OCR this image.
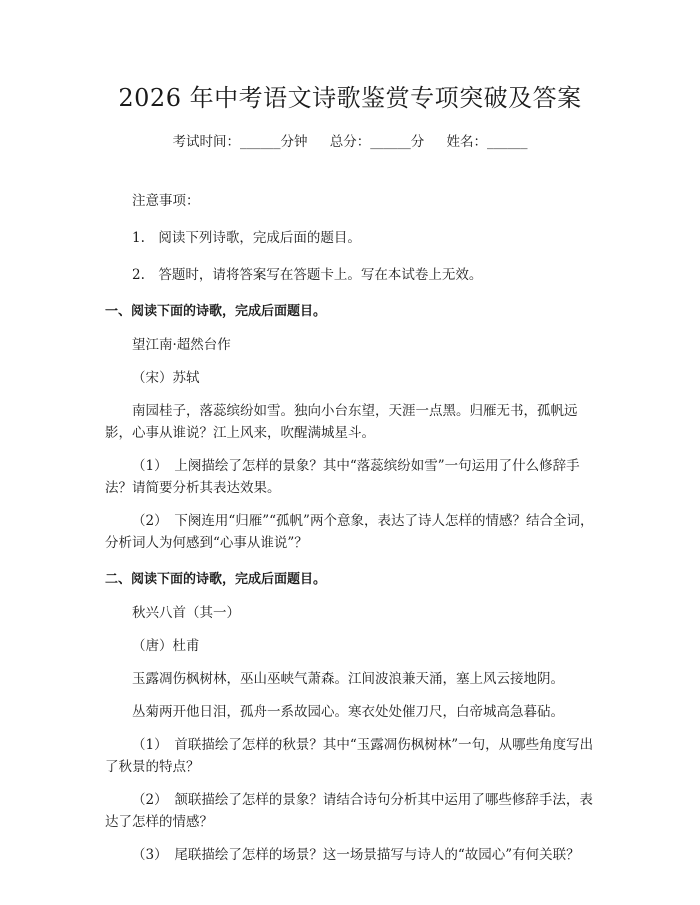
2026 年中考语文诗歌鉴赏专项突破及答案
考试时间：______分钟 总分：______分 姓名：______

注意事项：

1.　阅读下列诗歌，完成后面的题目。

2.　答题时，请将答案写在答题卡上。写在本试卷上无效。

一、阅读下面的诗歌，完成后面题目。

望江南·超然台作

（宋）苏轼

南园桂子，落蕊缤纷如雪。独向小台东望，天涯一点黑。归雁无书，孤帆远影，心事从谁说？江上风来，吹醒满城星斗。

（1）　上阕描绘了怎样的景象？其中“落蕊缤纷如雪”一句运用了什么修辞手法？请简要分析其表达效果。

（2）　下阕连用“归雁”“孤帆”两个意象，表达了诗人怎样的情感？结合全词，分析词人为何感到“心事从谁说”？

二、阅读下面的诗歌，完成后面题目。

秋兴八首（其一）

（唐）杜甫

玉露凋伤枫树林，巫山巫峡气萧森。江间波浪兼天涌，塞上风云接地阴。

丛菊两开他日泪，孤舟一系故园心。寒衣处处催刀尺，白帝城高急暮砧。

（1）　首联描绘了怎样的秋景？其中“玉露凋伤枫树林”一句，从哪些角度写出了秋景的特点？

（2）　颔联描绘了怎样的景象？请结合诗句分析其中运用了哪些修辞手法，表达了怎样的情感？

（3）　尾联描绘了怎样的场景？这一场景描写与诗人的“故园心”有何关联？
